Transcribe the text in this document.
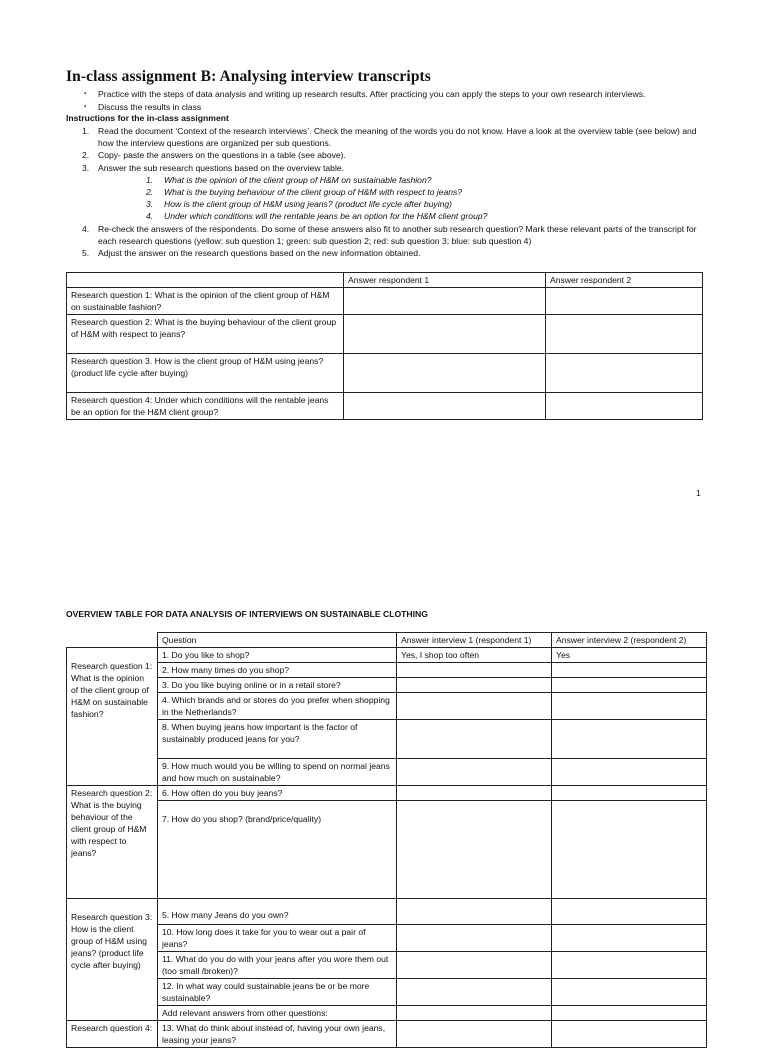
In-class assignment B: Analysing interview transcripts
▪ Practice with the steps of data analysis and writing up research results. After practicing you can apply the steps to your own research interviews.
▪ Discuss the results in class
Instructions for the in-class assignment
1. Read the document ‘Context of the research interviews’. Check the meaning of the words you do not know. Have a look at the overview table (see below) and how the interview questions are organized per sub questions.
2. Copy- paste the answers on the questions in a table (see above).
3. Answer the sub research questions based on the overview table.
1. What is the opinion of the client group of H&M on sustainable fashion?
2. What is the buying behaviour of the client group of H&M with respect to jeans?
3. How is the client group of H&M using jeans? (product life cycle after buying)
4. Under which conditions will the rentable jeans be an option for the H&M client group?
4. Re-check the answers of the respondents. Do some of these answers also fit to another sub research question? Mark these relevant parts of the transcript for each research questions (yellow: sub question 1; green: sub question 2; red: sub question 3; blue: sub question 4)
5. Adjust the answer on the research questions based on the new information obtained.
	Answer respondent 1	Answer respondent 2
Research question 1: What is the opinion of the client group of H&M on sustainable fashion?		
Research question 2: What is the buying behaviour of the client group of H&M with respect to jeans?		
Research question 3. How is the client group of H&M using jeans? (product life cycle after buying)		
Research question 4: Under which conditions will the rentable jeans be an option for the H&M client group?		
1
OVERVIEW TABLE FOR DATA ANALYSIS OF INTERVIEWS ON SUSTAINABLE CLOTHING
	Question	Answer interview 1 (respondent 1)	Answer interview 2 (respondent 2)
Research question 1:
What is the opinion of the client group of H&M on sustainable fashion?	1. Do you like to shop?	Yes, I shop too often	Yes
	2. How many times do you shop?		
	3. Do you like buying online or in a retail store?		
	4. Which brands and or stores do you prefer when shopping in the Netherlands?		
	8. When buying jeans how important is the factor of sustainably produced jeans for you?		
	9. How much would you be willing to spend on normal jeans and how much on sustainable?		
Research question 2:
What is the buying behaviour of the client group of H&M with respect to jeans?	6. How often do you buy jeans?		
	7. How do you shop? (brand/price/quality)		
Research question 3: How is the client group of H&M using jeans? (product life cycle after buying)	5. How many Jeans do you own?		
	10. How long does it take for you to wear out a pair of jeans?		
	11. What do you do with your jeans after you wore them out (too small /broken)?		
	12. In what way could sustainable jeans be or be more sustainable?		
	Add relevant answers from other questions:		

Research question 4:	13. What do think about instead of, having your own jeans, leasing your jeans?		
